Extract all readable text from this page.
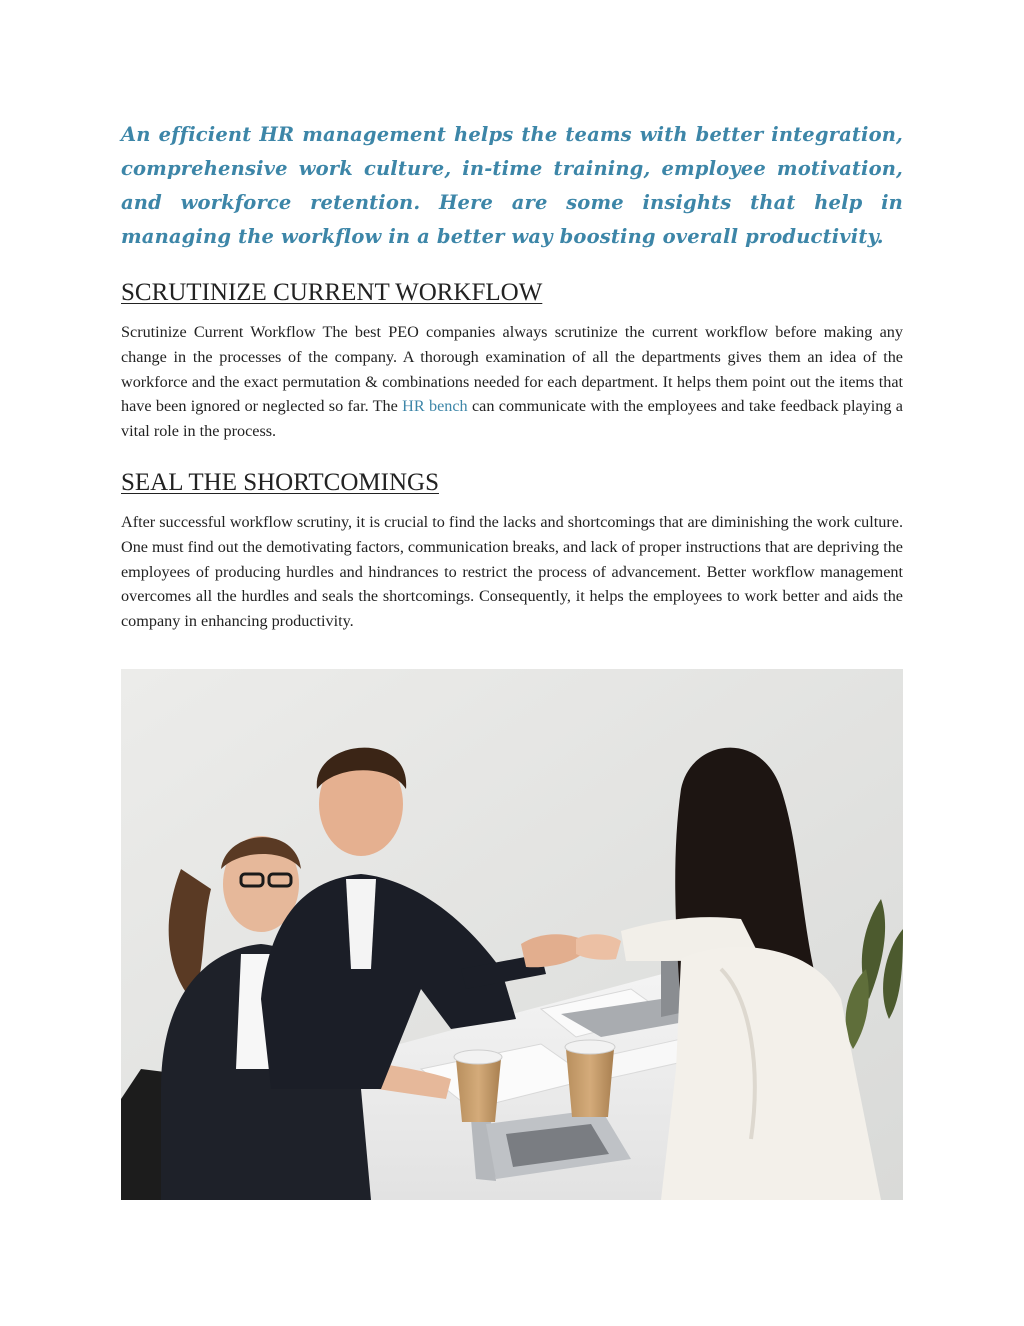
An efficient HR management helps the teams with better integration, comprehensive work culture, in-time training, employee motivation, and workforce retention. Here are some insights that help in managing the workflow in a better way boosting overall productivity.

SCRUTINIZE CURRENT WORKFLOW

Scrutinize Current Workflow The best PEO companies always scrutinize the current workflow before making any change in the processes of the company. A thorough examination of all the departments gives them an idea of the workforce and the exact permutation & combinations needed for each department. It helps them point out the items that have been ignored or neglected so far. The HR bench can communicate with the employees and take feedback playing a vital role in the process.

SEAL THE SHORTCOMINGS

After successful workflow scrutiny, it is crucial to find the lacks and shortcomings that are diminishing the work culture. One must find out the demotivating factors, communication breaks, and lack of proper instructions that are depriving the employees of producing hurdles and hindrances to restrict the process of advancement. Better workflow management overcomes all the hurdles and seals the shortcomings. Consequently, it helps the employees to work better and aids the company in enhancing productivity.
